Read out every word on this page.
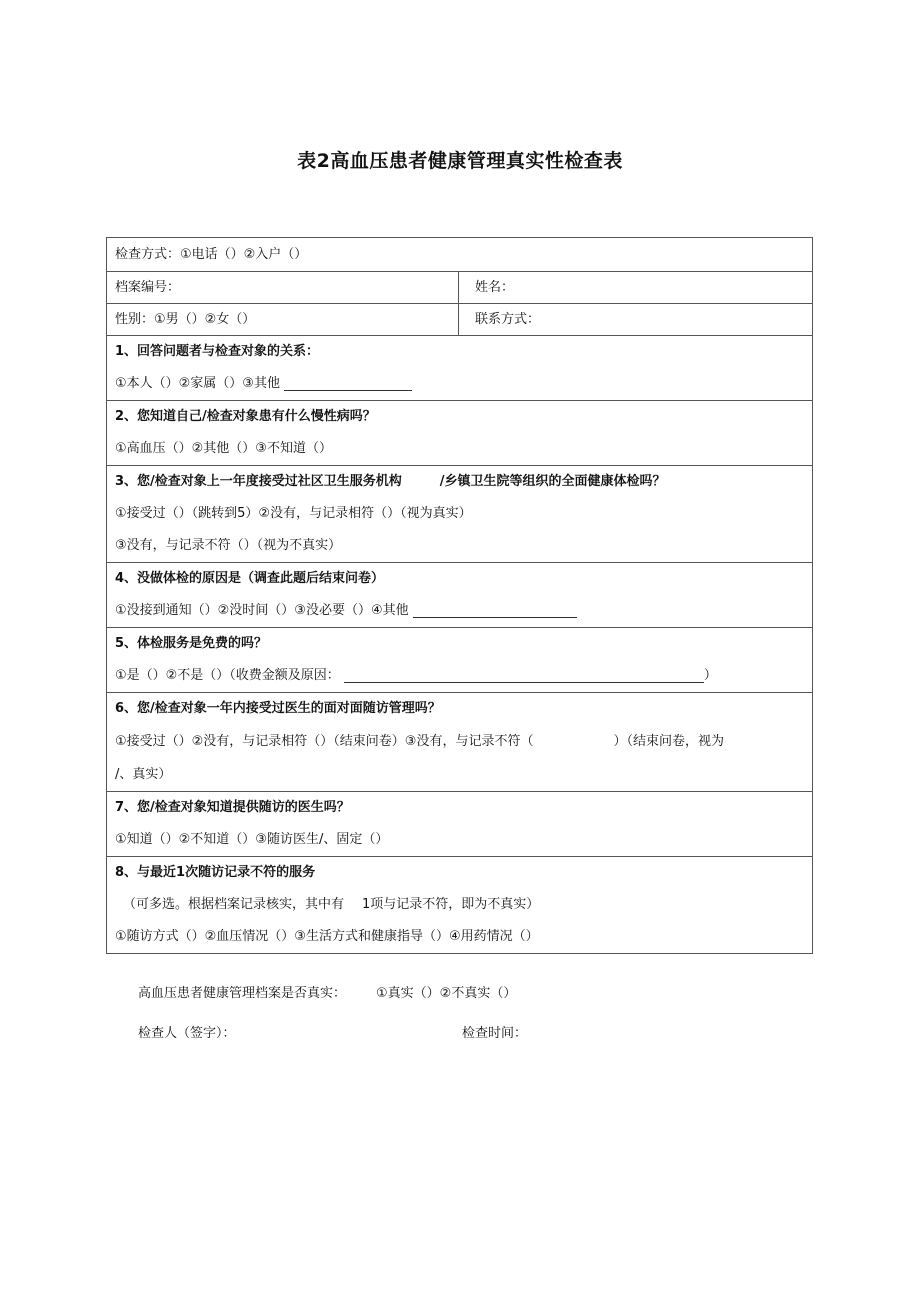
表2高血压患者健康管理真实性检查表
检查方式：①电话（）②入户（）
档案编号：	姓名：
性别：①男（）②女（）	联系方式：
1、回答问题者与检查对象的关系：
①本人（）②家属（）③其他
2、您知道自己/检查对象患有什么慢性病吗？
①高血压（）②其他（）③不知道（）
3、您/检查对象上一年度接受过社区卫生服务机构	/乡镇卫生院等组织的全面健康体检吗？
①接受过（）（跳转到5）②没有，与记录相符（）（视为真实）
③没有，与记录不符（）（视为不真实）
4、没做体检的原因是（调查此题后结束问卷）
①没接到通知（）②没时间（）③没必要（）④其他
5、体检服务是免费的吗？
①是（）②不是（）（收费金额及原因：	）
6、您/检查对象一年内接受过医生的面对面随访管理吗？
①接受过（）②没有，与记录相符（）（结束问卷）③没有，与记录不符（	）（结束问卷，视为
/、真实）
7、您/检查对象知道提供随访的医生吗？
①知道（）②不知道（）③随访医生/、固定（）
8、与最近1次随访记录不符的服务
（可多选。根据档案记录核实，其中有 1项与记录不符，即为不真实）
①随访方式（）②血压情况（）③生活方式和健康指导（）④用药情况（）
高血压患者健康管理档案是否真实： ①真实（）②不真实（）
检查人（签字）：	检查时间：
